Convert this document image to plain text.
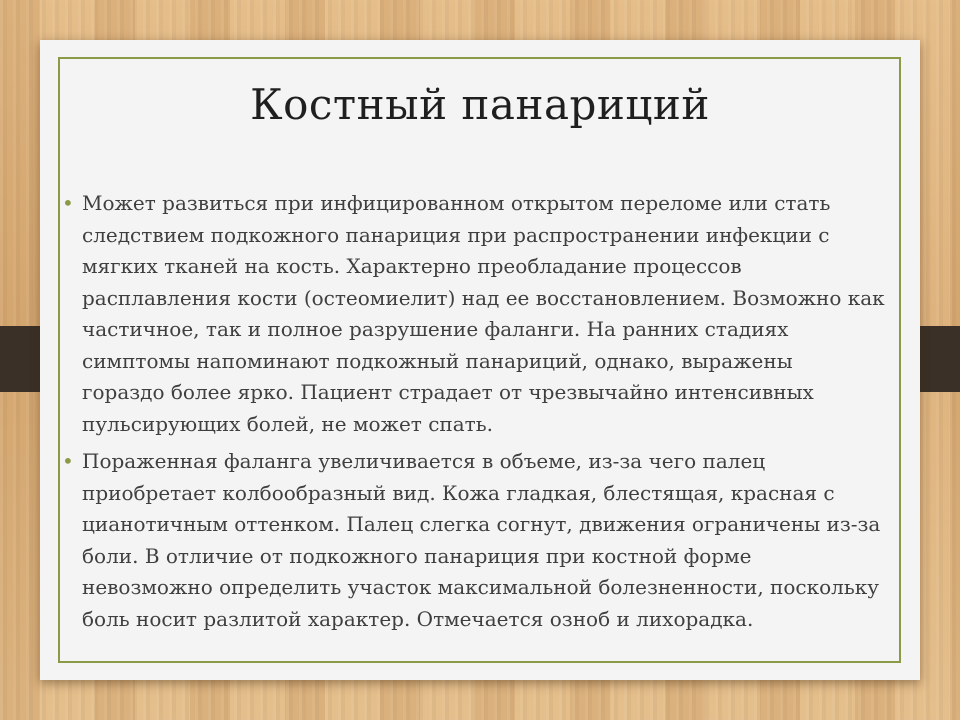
Костный панариций
• Может развиться при инфицированном открытом переломе или стать
следствием подкожного панариция при распространении инфекции с
мягких тканей на кость. Характерно преобладание процессов
расплавления кости (остеомиелит) над ее восстановлением. Возможно как
частичное, так и полное разрушение фаланги. На ранних стадиях
симптомы напоминают подкожный панариций, однако, выражены
гораздо более ярко. Пациент страдает от чрезвычайно интенсивных
пульсирующих болей, не может спать.
• Пораженная фаланга увеличивается в объеме, из-за чего палец
приобретает колбообразный вид. Кожа гладкая, блестящая, красная с
цианотичным оттенком. Палец слегка согнут, движения ограничены из-за
боли. В отличие от подкожного панариция при костной форме
невозможно определить участок максимальной болезненности, поскольку
боль носит разлитой характер. Отмечается озноб и лихорадка.
